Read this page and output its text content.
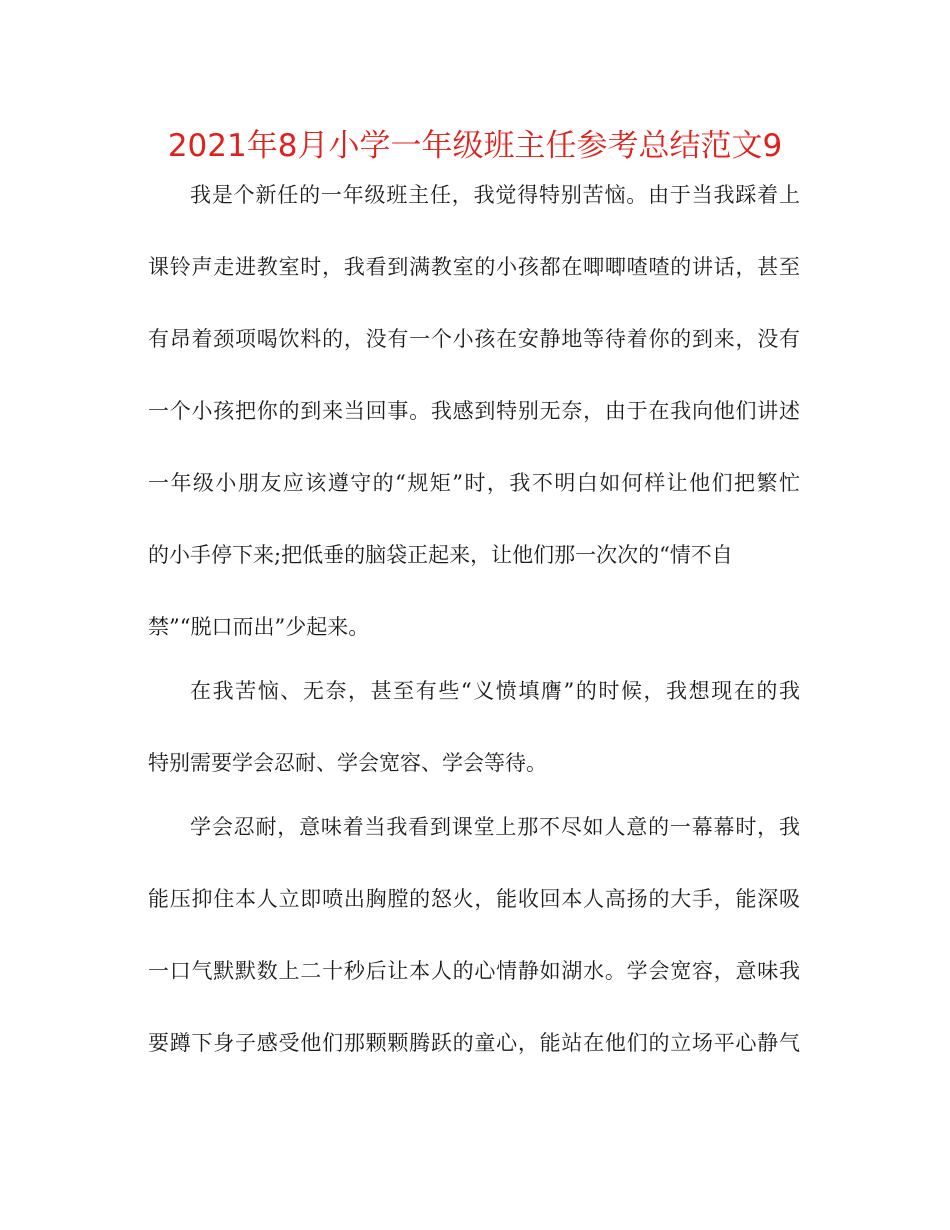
2021年8月小学一年级班主任参考总结范文9
我是个新任的一年级班主任，我觉得特别苦恼。由于当我踩着上
课铃声走进教室时，我看到满教室的小孩都在唧唧喳喳的讲话，甚至
有昂着颈项喝饮料的，没有一个小孩在安静地等待着你的到来，没有
一个小孩把你的到来当回事。我感到特别无奈，由于在我向他们讲述
一年级小朋友应该遵守的“规矩”时，我不明白如何样让他们把繁忙
的小手停下来;把低垂的脑袋正起来，让他们那一次次的“情不自
禁”“脱口而出”少起来。
在我苦恼、无奈，甚至有些“义愤填膺”的时候，我想现在的我
特别需要学会忍耐、学会宽容、学会等待。
学会忍耐，意味着当我看到课堂上那不尽如人意的一幕幕时，我
能压抑住本人立即喷出胸膛的怒火，能收回本人高扬的大手，能深吸
一口气默默数上二十秒后让本人的心情静如湖水。学会宽容，意味我
要蹲下身子感受他们那颗颗腾跃的童心，能站在他们的立场平心静气
